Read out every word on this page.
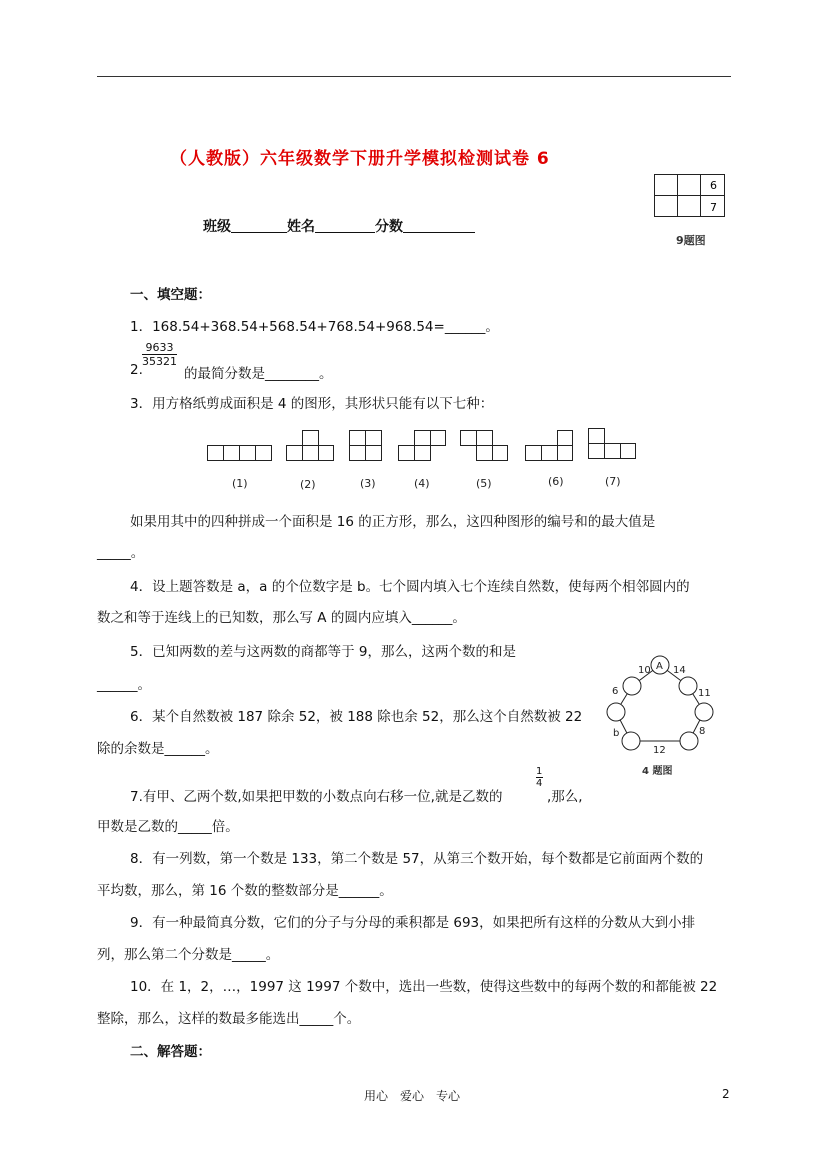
（人教版）六年级数学下册升学模拟检测试卷 6
班级	姓名	分数
6
7
9题图
一、填空题：
1．168.54+368.54+568.54+768.54+968.54=______。
2.
$\frac{9633}{35321}$
的最简分数是________。
3．用方格纸剪成面积是 4 的图形，其形状只能有以下七种：
(1)	(2)	(3)	(4)	(5)	(6)	(7)
如果用其中的四种拼成一个面积是 16 的正方形，那么，这四种图形的编号和的最大值是
_____。
4．设上题答数是 a，a 的个位数字是 b。七个圆内填入七个连续自然数，使每两个相邻圆内的
数之和等于连线上的已知数，那么写 A 的圆内应填入______。
5．已知两数的差与这两数的商都等于 9，那么，这两个数的和是
______。
6．某个自然数被 187 除余 52，被 188 除也余 52，那么这个自然数被 22
除的余数是______。
10 A 14
6	11
8
12
b
4 题图
7.有甲、乙两个数,如果把甲数的小数点向右移一位,就是乙数的
1
4
,那么,
甲数是乙数的_____倍。
8．有一列数，第一个数是 133，第二个数是 57，从第三个数开始，每个数都是它前面两个数的
平均数，那么，第 16 个数的整数部分是______。
9．有一种最简真分数，它们的分子与分母的乘积都是 693，如果把所有这样的分数从大到小排
列，那么第二个分数是_____。
10．在 1，2，…，1997 这 1997 个数中，选出一些数，使得这些数中的每两个数的和都能被 22
整除，那么，这样的数最多能选出_____个。
二、解答题：
用心　爱心　专心	2
